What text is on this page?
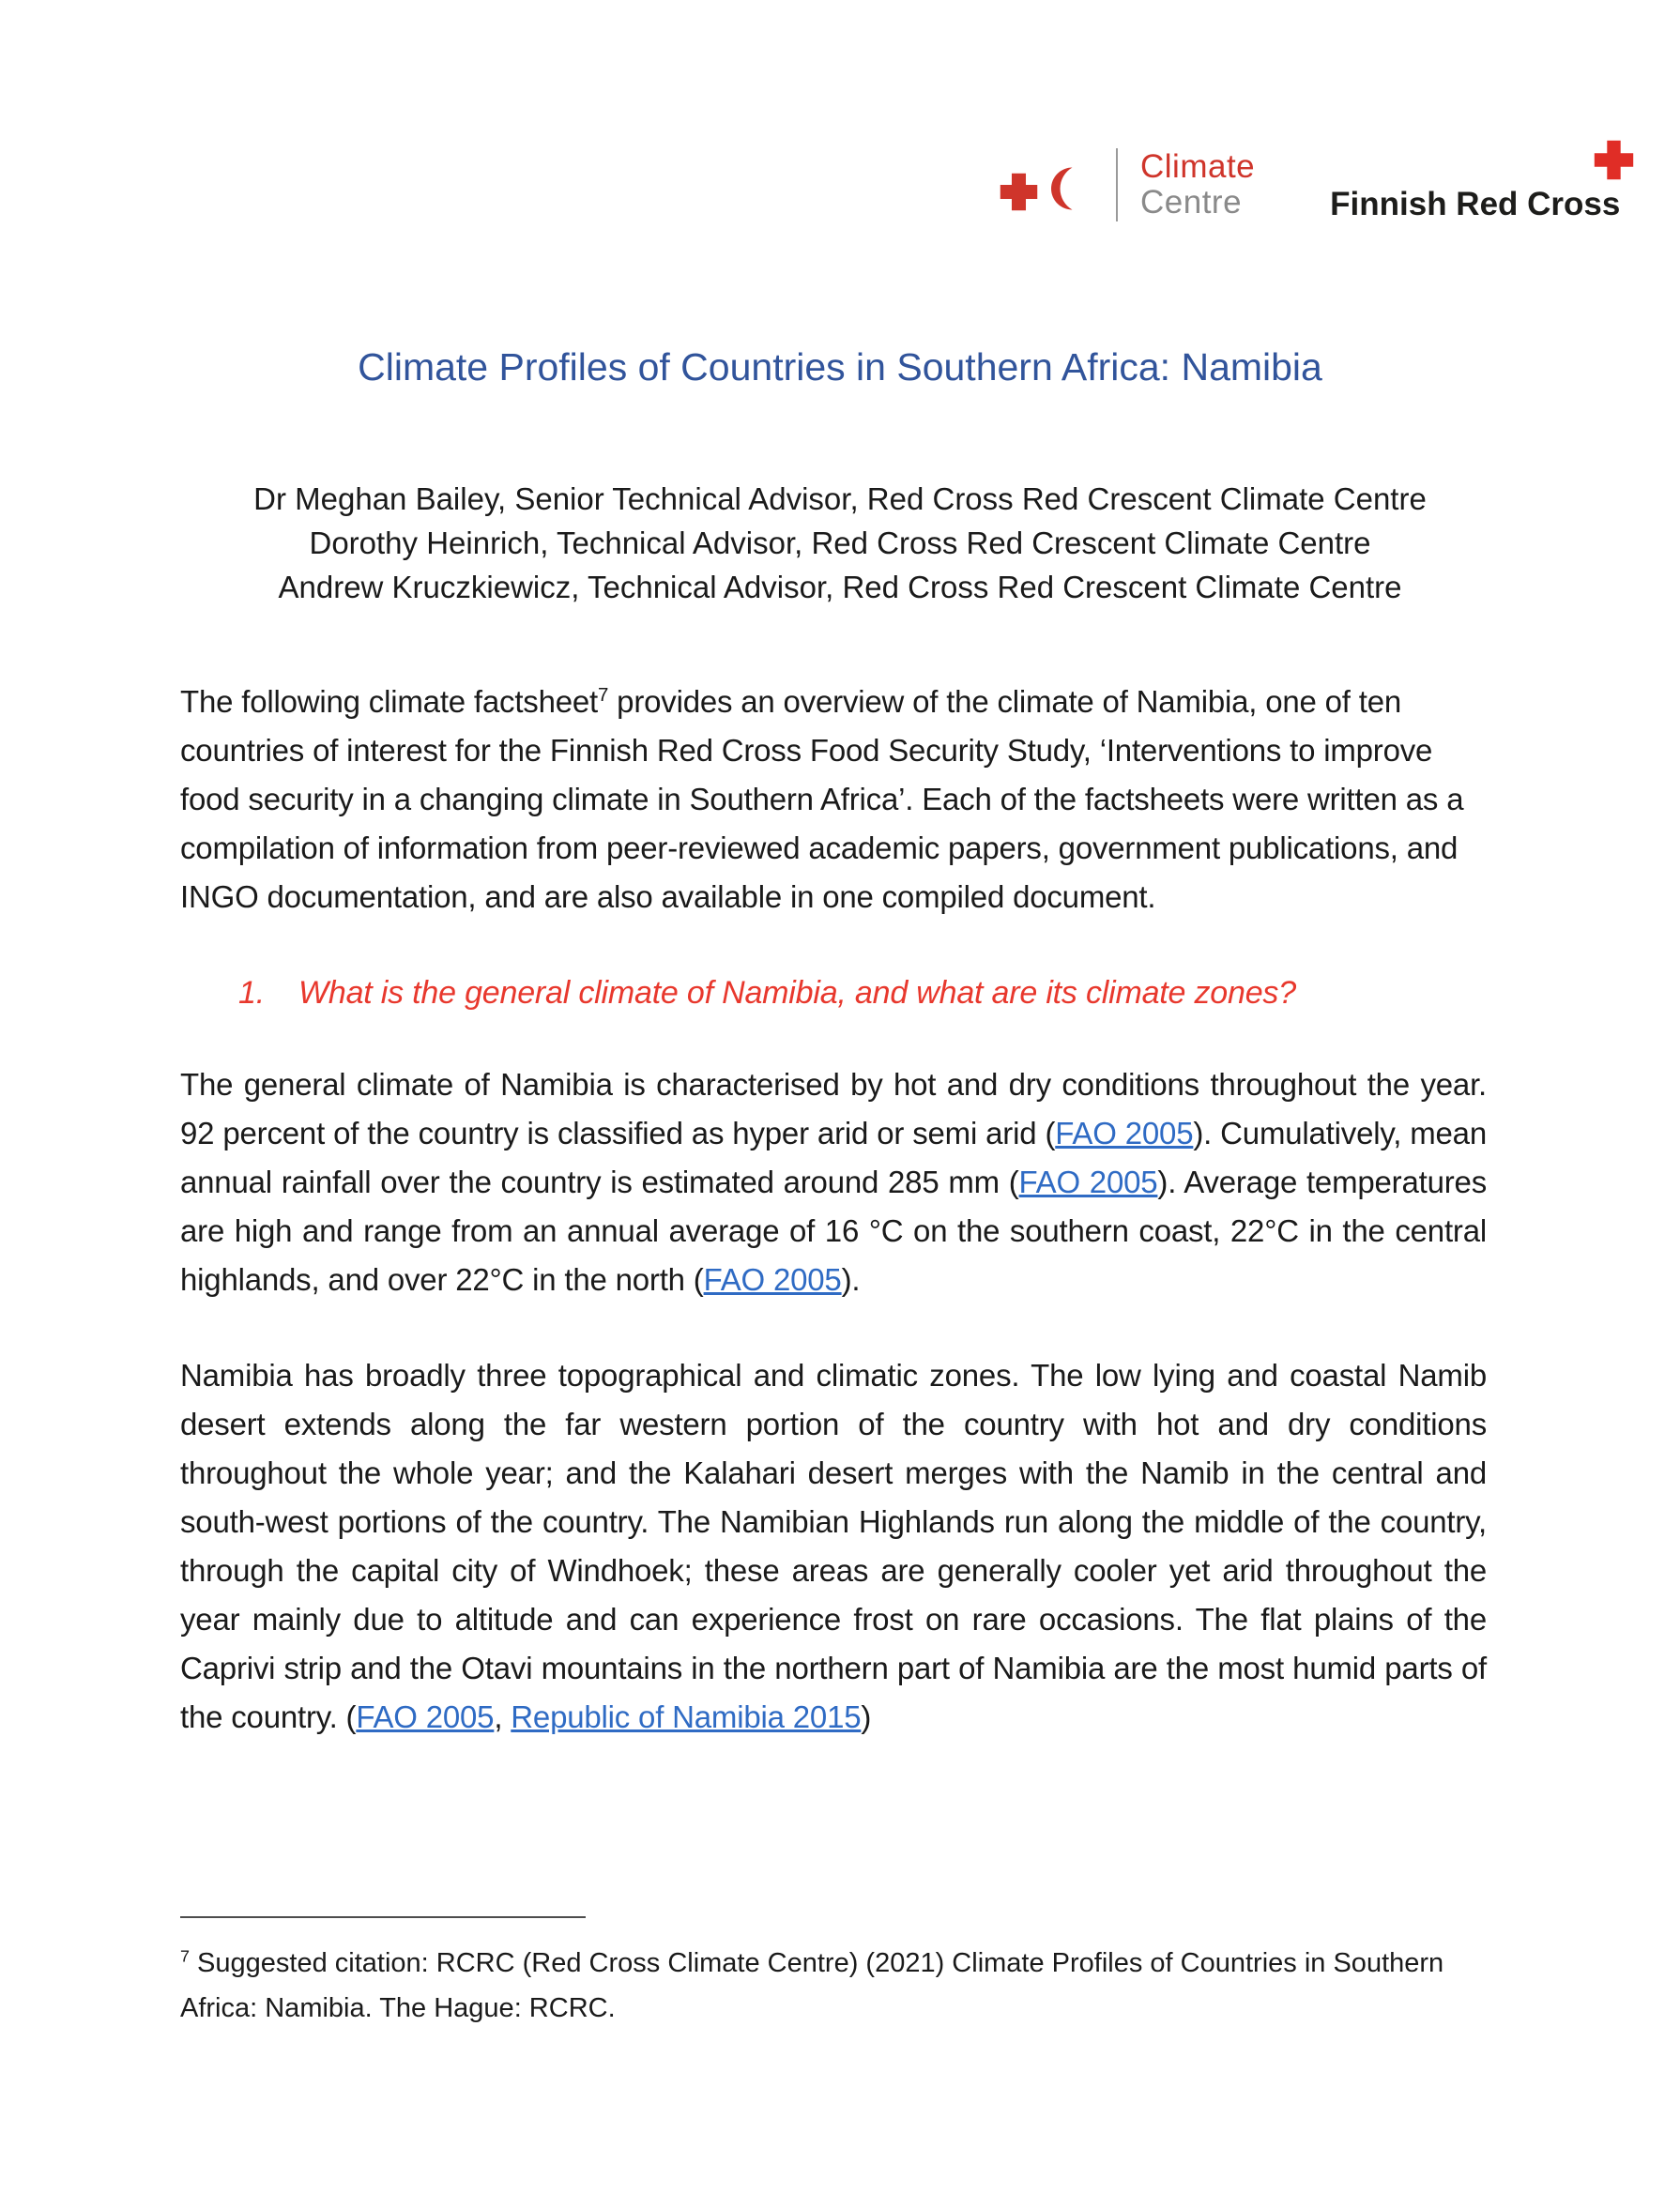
Climate
Centre	Finnish Red Cross
Climate Profiles of Countries in Southern Africa: Namibia
Dr Meghan Bailey, Senior Technical Advisor, Red Cross Red Crescent Climate Centre
Dorothy Heinrich, Technical Advisor, Red Cross Red Crescent Climate Centre
Andrew Kruczkiewicz, Technical Advisor, Red Cross Red Crescent Climate Centre

The following climate factsheet$^7$ provides an overview of the climate of Namibia, one of ten countries of interest for the Finnish Red Cross Food Security Study, ‘Interventions to improve food security in a changing climate in Southern Africa’. Each of the factsheets were written as a compilation of information from peer-reviewed academic papers, government publications, and INGO documentation, and are also available in one compiled document.

1. What is the general climate of Namibia, and what are its climate zones?

The general climate of Namibia is characterised by hot and dry conditions throughout the year. 92 percent of the country is classified as hyper arid or semi arid (FAO 2005). Cumulatively, mean annual rainfall over the country is estimated around 285 mm (FAO 2005). Average temperatures are high and range from an annual average of 16 °C on the southern coast, 22°C in the central highlands, and over 22°C in the north (FAO 2005).

Namibia has broadly three topographical and climatic zones. The low lying and coastal Namib desert extends along the far western portion of the country with hot and dry conditions throughout the whole year; and the Kalahari desert merges with the Namib in the central and south-west portions of the country. The Namibian Highlands run along the middle of the country, through the capital city of Windhoek; these areas are generally cooler yet arid throughout the year mainly due to altitude and can experience frost on rare occasions. The flat plains of the Caprivi strip and the Otavi mountains in the northern part of Namibia are the most humid parts of the country. (FAO 2005, Republic of Namibia 2015)

$^7$ Suggested citation: RCRC (Red Cross Climate Centre) (2021) Climate Profiles of Countries in Southern Africa: Namibia. The Hague: RCRC.
